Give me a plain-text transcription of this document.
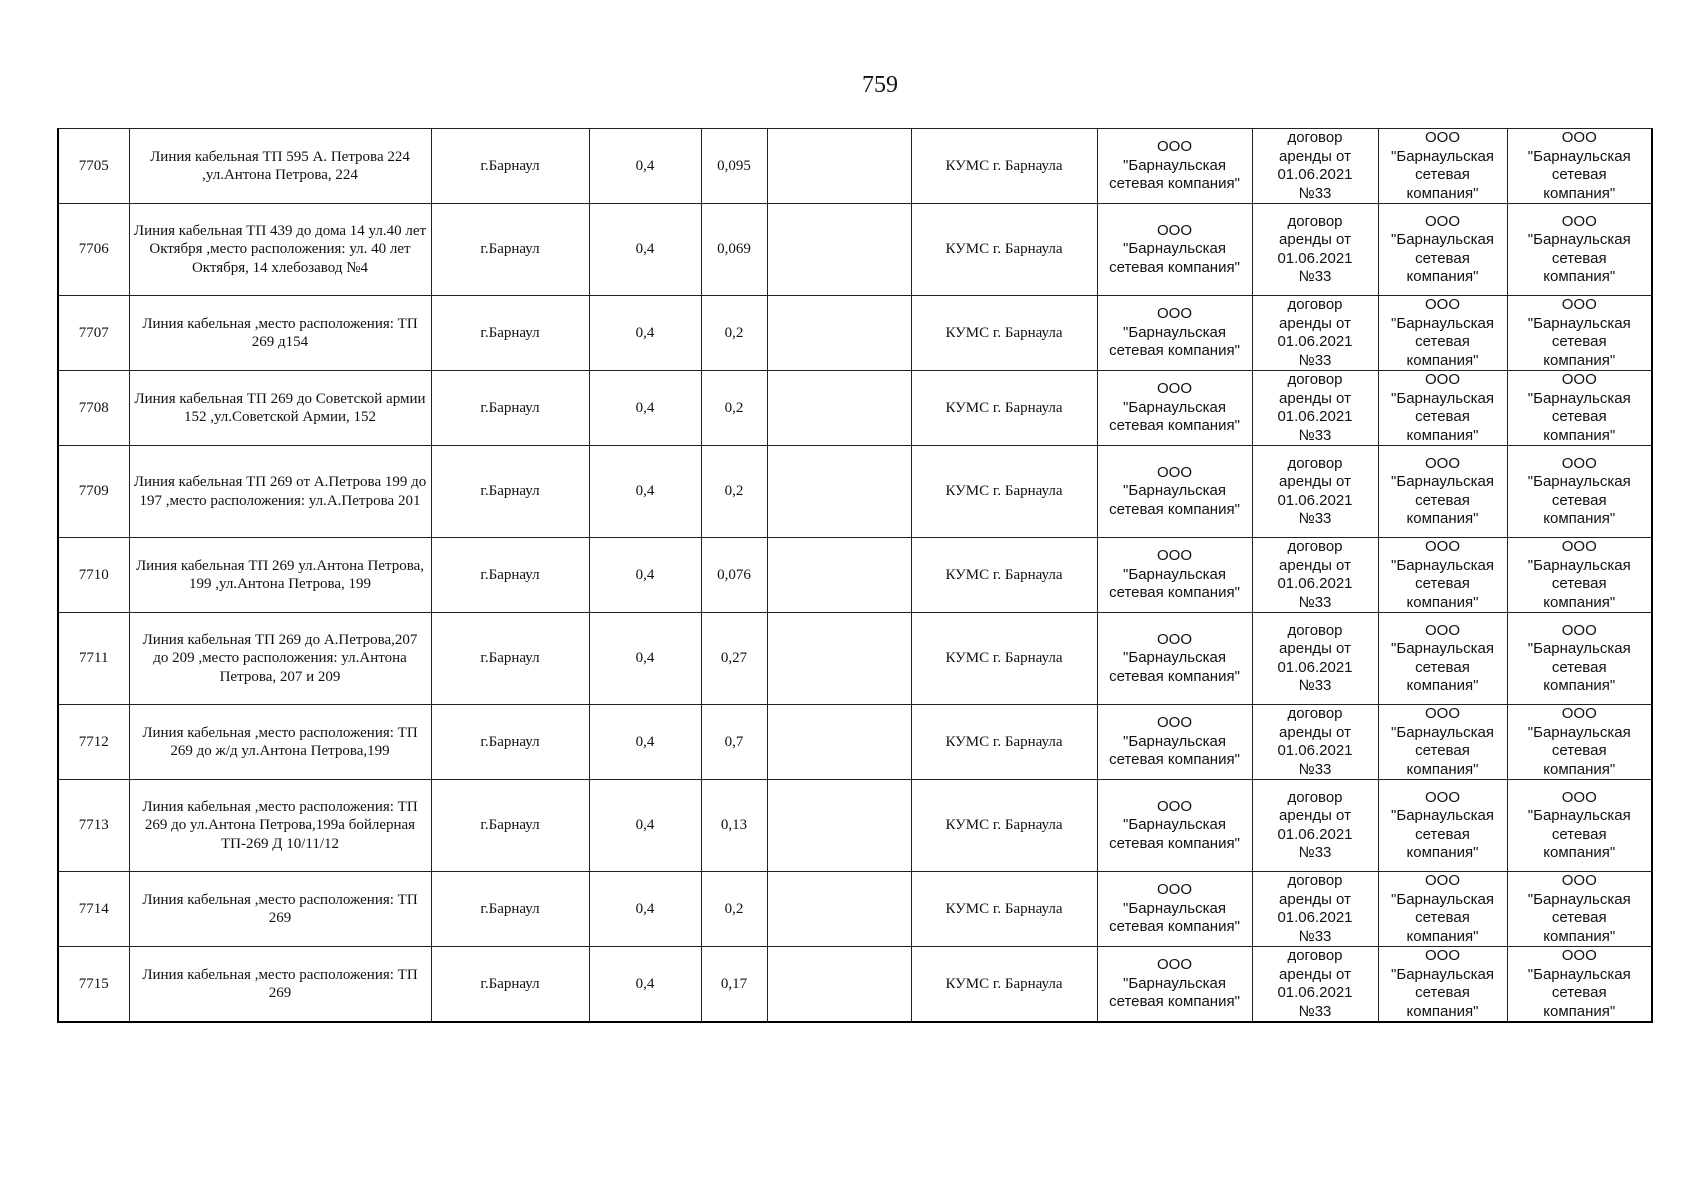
759
7705	Линия кабельная ТП 595 А. Петрова 224 ,ул.Антона Петрова, 224	г.Барнаул	0,4	0,095		КУМС г. Барнаула	ООО
"Барнаульская сетевая компания"	договор
аренды от
01.06.2021
№33	ООО
"Барнаульская
сетевая
компания"	ООО
"Барнаульская
сетевая
компания"
7706	Линия кабельная ТП 439 до дома 14 ул.40 лет Октября ,место расположения: ул. 40 лет Октября, 14 хлебозавод №4	г.Барнаул	0,4	0,069		КУМС г. Барнаула	ООО
"Барнаульская сетевая компания"	договор
аренды от
01.06.2021
№33	ООО
"Барнаульская
сетевая
компания"	ООО
"Барнаульская
сетевая
компания"
7707	Линия кабельная ,место расположения: ТП 269 д154	г.Барнаул	0,4	0,2		КУМС г. Барнаула	ООО
"Барнаульская сетевая компания"	договор
аренды от
01.06.2021
№33	ООО
"Барнаульская
сетевая
компания"	ООО
"Барнаульская
сетевая
компания"
7708	Линия кабельная ТП 269 до Советской армии 152 ,ул.Советской Армии, 152	г.Барнаул	0,4	0,2		КУМС г. Барнаула	ООО
"Барнаульская сетевая компания"	договор
аренды от
01.06.2021
№33	ООО
"Барнаульская
сетевая
компания"	ООО
"Барнаульская
сетевая
компания"
7709	Линия кабельная ТП 269 от А.Петрова 199 до 197 ,место расположения: ул.А.Петрова 201	г.Барнаул	0,4	0,2		КУМС г. Барнаула	ООО
"Барнаульская сетевая компания"	договор
аренды от
01.06.2021
№33	ООО
"Барнаульская
сетевая
компания"	ООО
"Барнаульская
сетевая
компания"
7710	Линия кабельная ТП 269 ул.Антона Петрова, 199 ,ул.Антона Петрова, 199	г.Барнаул	0,4	0,076		КУМС г. Барнаула	ООО
"Барнаульская сетевая компания"	договор
аренды от
01.06.2021
№33	ООО
"Барнаульская
сетевая
компания"	ООО
"Барнаульская
сетевая
компания"
7711	Линия кабельная ТП 269 до А.Петрова,207 до 209 ,место расположения: ул.Антона Петрова, 207 и 209	г.Барнаул	0,4	0,27		КУМС г. Барнаула	ООО
"Барнаульская сетевая компания"	договор
аренды от
01.06.2021
№33	ООО
"Барнаульская
сетевая
компания"	ООО
"Барнаульская
сетевая
компания"
7712	Линия кабельная ,место расположения: ТП 269 до ж/д ул.Антона Петрова,199	г.Барнаул	0,4	0,7		КУМС г. Барнаула	ООО
"Барнаульская сетевая компания"	договор
аренды от
01.06.2021
№33	ООО
"Барнаульская
сетевая
компания"	ООО
"Барнаульская
сетевая
компания"
7713	Линия кабельная ,место расположения: ТП 269 до ул.Антона Петрова,199а бойлерная ТП-269 Д 10/11/12	г.Барнаул	0,4	0,13		КУМС г. Барнаула	ООО
"Барнаульская сетевая компания"	договор
аренды от
01.06.2021
№33	ООО
"Барнаульская
сетевая
компания"	ООО
"Барнаульская
сетевая
компания"
7714	Линия кабельная ,место расположения: ТП 269	г.Барнаул	0,4	0,2		КУМС г. Барнаула	ООО
"Барнаульская сетевая компания"	договор
аренды от
01.06.2021
№33	ООО
"Барнаульская
сетевая
компания"	ООО
"Барнаульская
сетевая
компания"
7715	Линия кабельная ,место расположения: ТП 269	г.Барнаул	0,4	0,17		КУМС г. Барнаула	ООО
"Барнаульская сетевая компания"	договор
аренды от
01.06.2021
№33	ООО
"Барнаульская
сетевая
компания"	ООО
"Барнаульская
сетевая
компания"
